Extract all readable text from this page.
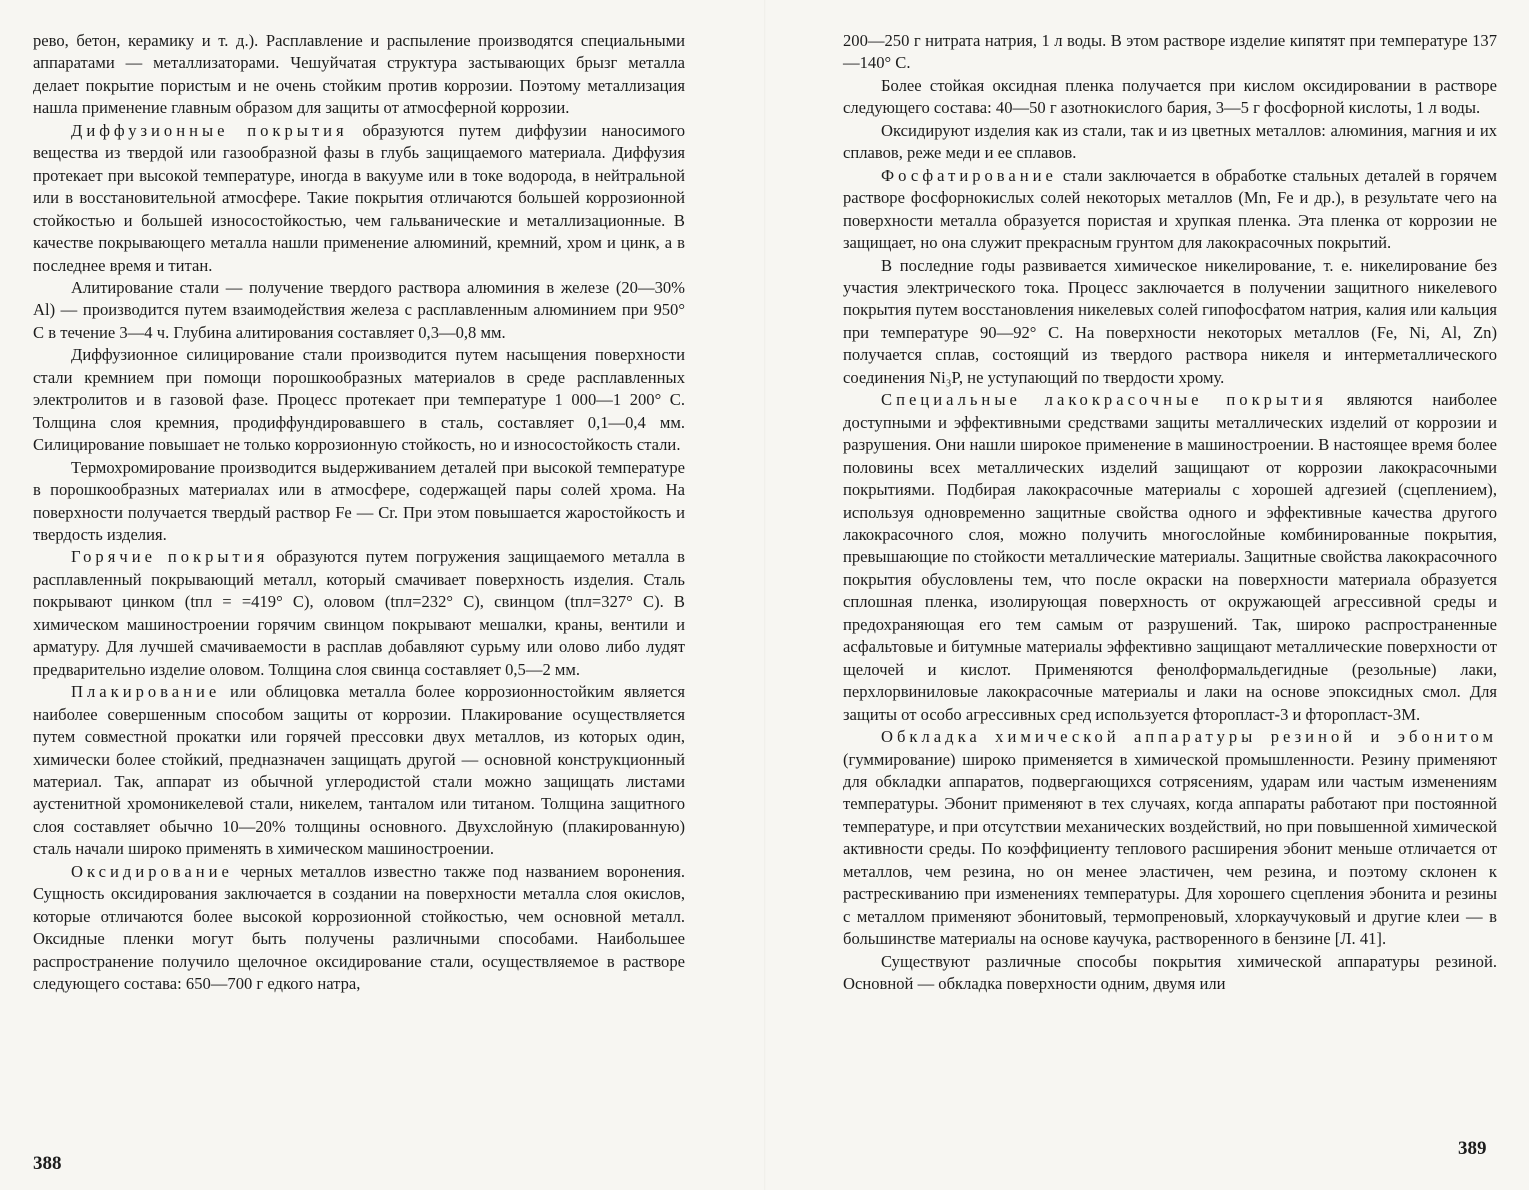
рево, бетон, керамику и т. д.). Расплавление и распыление производятся специальными аппаратами — металлизаторами. Чешуйчатая структура застывающих брызг металла делает покрытие пористым и не очень стойким против коррозии. Поэтому металлизация нашла применение главным образом для защиты от атмосферной коррозии.

Диффузионные покрытия образуются путем диффузии наносимого вещества из твердой или газообразной фазы в глубь защищаемого материала. Диффузия протекает при высокой температуре, иногда в вакууме или в токе водорода, в нейтральной или в восстановительной атмосфере. Такие покрытия отличаются большей коррозионной стойкостью и большей износостойкостью, чем гальванические и металлизационные. В качестве покрывающего металла нашли применение алюминий, кремний, хром и цинк, а в последнее время и титан.

Алитирование стали — получение твердого раствора алюминия в железе (20—30% Al) — производится путем взаимодействия железа с расплавленным алюминием при 950° С в течение 3—4 ч. Глубина алитирования составляет 0,3—0,8 мм.

Диффузионное силицирование стали производится путем насыщения поверхности стали кремнием при помощи порошкообразных материалов в среде расплавленных электролитов и в газовой фазе. Процесс протекает при температуре 1 000—1 200° С. Толщина слоя кремния, продиффундировавшего в сталь, составляет 0,1—0,4 мм. Силицирование повышает не только коррозионную стойкость, но и износостойкость стали.

Термохромирование производится выдерживанием деталей при высокой температуре в порошкообразных материалах или в атмосфере, содержащей пары солей хрома. На поверхности получается твердый раствор Fe — Cr. При этом повышается жаростойкость и твердость изделия.

Горячие покрытия образуются путем погружения защищаемого металла в расплавленный покрывающий металл, который смачивает поверхность изделия. Сталь покрывают цинком (tпл = =419° С), оловом (tпл=232° С), свинцом (tпл=327° С). В химическом машиностроении горячим свинцом покрывают мешалки, краны, вентили и арматуру. Для лучшей смачиваемости в расплав добавляют сурьму или олово либо лудят предварительно изделие оловом. Толщина слоя свинца составляет 0,5—2 мм.

Плакирование или облицовка металла более коррозионностойким является наиболее совершенным способом защиты от коррозии. Плакирование осуществляется путем совместной прокатки или горячей прессовки двух металлов, из которых один, химически более стойкий, предназначен защищать другой — основной конструкционный материал. Так, аппарат из обычной углеродистой стали можно защищать листами аустенитной хромоникелевой стали, никелем, танталом или титаном. Толщина защитного слоя составляет обычно 10—20% толщины основного. Двухслойную (плакированную) сталь начали широко применять в химическом машиностроении.

Оксидирование черных металлов известно также под названием воронения. Сущность оксидирования заключается в создании на поверхности металла слоя окислов, которые отличаются более высокой коррозионной стойкостью, чем основной металл. Оксидные пленки могут быть получены различными способами. Наибольшее распространение получило щелочное оксидирование стали, осуществляемое в растворе следующего состава: 650—700 г едкого натра,

388

200—250 г нитрата натрия, 1 л воды. В этом растворе изделие кипятят при температуре 137—140° С.

Более стойкая оксидная пленка получается при кислом оксидировании в растворе следующего состава: 40—50 г азотнокислого бария, 3—5 г фосфорной кислоты, 1 л воды.

Оксидируют изделия как из стали, так и из цветных металлов: алюминия, магния и их сплавов, реже меди и ее сплавов.

Фосфатирование стали заключается в обработке стальных деталей в горячем растворе фосфорнокислых солей некоторых металлов (Mn, Fe и др.), в результате чего на поверхности металла образуется пористая и хрупкая пленка. Эта пленка от коррозии не защищает, но она служит прекрасным грунтом для лакокрасочных покрытий.

В последние годы развивается химическое никелирование, т. е. никелирование без участия электрического тока. Процесс заключается в получении защитного никелевого покрытия путем восстановления никелевых солей гипофосфатом натрия, калия или кальция при температуре 90—92° С. На поверхности некоторых металлов (Fe, Ni, Al, Zn) получается сплав, состоящий из твердого раствора никеля и интерметаллического соединения Ni₃P, не уступающий по твердости хрому.

Специальные лакокрасочные покрытия являются наиболее доступными и эффективными средствами защиты металлических изделий от коррозии и разрушения. Они нашли широкое применение в машиностроении. В настоящее время более половины всех металлических изделий защищают от коррозии лакокрасочными покрытиями. Подбирая лакокрасочные материалы с хорошей адгезией (сцеплением), используя одновременно защитные свойства одного и эффективные качества другого лакокрасочного слоя, можно получить многослойные комбинированные покрытия, превышающие по стойкости металлические материалы. Защитные свойства лакокрасочного покрытия обусловлены тем, что после окраски на поверхности материала образуется сплошная пленка, изолирующая поверхность от окружающей агрессивной среды и предохраняющая его тем самым от разрушений. Так, широко распространенные асфальтовые и битумные материалы эффективно защищают металлические поверхности от щелочей и кислот. Применяются фенолформальдегидные (резольные) лаки, перхлорвиниловые лакокрасочные материалы и лаки на основе эпоксидных смол. Для защиты от особо агрессивных сред используется фторопласт-3 и фторопласт-3М.

Обкладка химической аппаратуры резиной и эбонитом (гуммирование) широко применяется в химической промышленности. Резину применяют для обкладки аппаратов, подвергающихся сотрясениям, ударам или частым изменениям температуры. Эбонит применяют в тех случаях, когда аппараты работают при постоянной температуре, и при отсутствии механических воздействий, но при повышенной химической активности среды. По коэффициенту теплового расширения эбонит меньше отличается от металлов, чем резина, но он менее эластичен, чем резина, и поэтому склонен к растрескиванию при изменениях температуры. Для хорошего сцепления эбонита и резины с металлом применяют эбонитовый, термопреновый, хлоркаучуковый и другие клеи — в большинстве материалы на основе каучука, растворенного в бензине [Л. 41].

Существуют различные способы покрытия химической аппаратуры резиной. Основной — обкладка поверхности одним, двумя или

389
